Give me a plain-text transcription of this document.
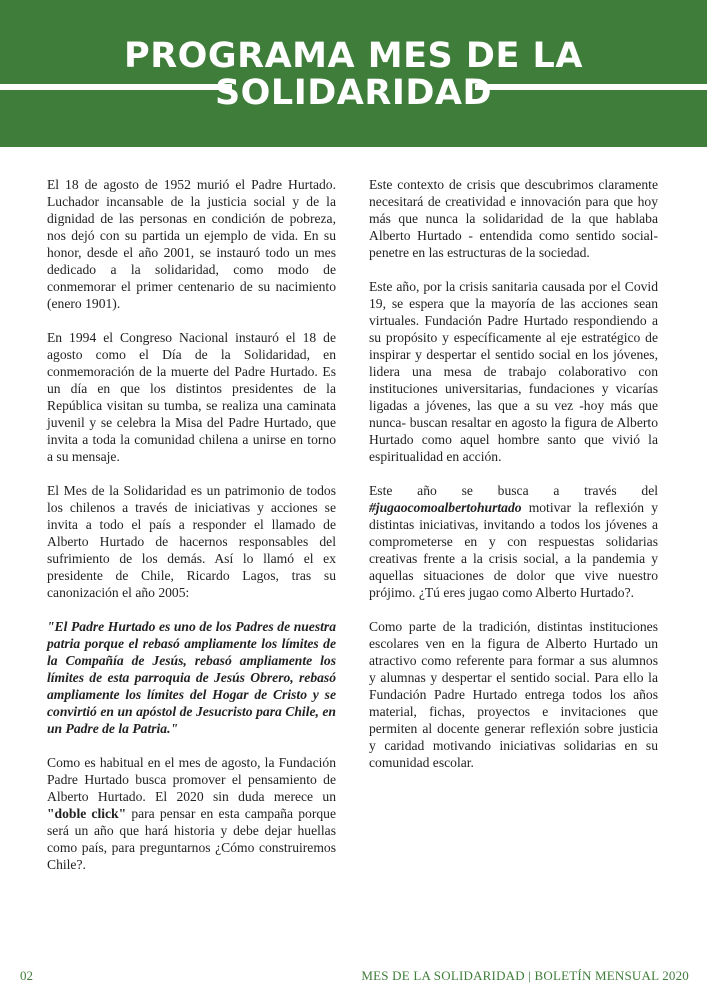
PROGRAMA MES DE LA
SOLIDARIDAD

El 18 de agosto de 1952 murió el Padre Hurtado. Luchador incansable de la justicia social y de la dignidad de las personas en condición de pobreza, nos dejó con su partida un ejemplo de vida. En su honor, desde el año 2001, se instauró todo un mes dedicado a la solidaridad, como modo de conmemorar el primer centenario de su nacimiento (enero 1901).

En 1994 el Congreso Nacional instauró el 18 de agosto como el Día de la Solidaridad, en conmemoración de la muerte del Padre Hurtado. Es un día en que los distintos presidentes de la República visitan su tumba, se realiza una caminata juvenil y se celebra la Misa del Padre Hurtado, que invita a toda la comunidad chilena a unirse en torno a su mensaje.

El Mes de la Solidaridad es un patrimonio de todos los chilenos a través de iniciativas y acciones se invita a todo el país a responder el llamado de Alberto Hurtado de hacernos responsables del sufrimiento de los demás. Así lo llamó el ex presidente de Chile, Ricardo Lagos, tras su canonización el año 2005:

"El Padre Hurtado es uno de los Padres de nuestra patria porque el rebasó ampliamente los límites de la Compañía de Jesús, rebasó ampliamente los límites de esta parroquia de Jesús Obrero, rebasó ampliamente los límites del Hogar de Cristo y se convirtió en un apóstol de Jesucristo para Chile, en un Padre de la Patria."

Como es habitual en el mes de agosto, la Fundación Padre Hurtado busca promover el pensamiento de Alberto Hurtado. El 2020 sin duda merece un "doble click" para pensar en esta campaña porque será un año que hará historia y debe dejar huellas como país, para preguntarnos ¿Cómo construiremos Chile?.

Este contexto de crisis que descubrimos claramente necesitará de creatividad e innovación para que hoy más que nunca la solidaridad de la que hablaba Alberto Hurtado - entendida como sentido social- penetre en las estructuras de la sociedad.

Este año, por la crisis sanitaria causada por el Covid 19, se espera que la mayoría de las acciones sean virtuales. Fundación Padre Hurtado respondiendo a su propósito y específicamente al eje estratégico de inspirar y despertar el sentido social en los jóvenes, lidera una mesa de trabajo colaborativo con instituciones universitarias, fundaciones y vicarías ligadas a jóvenes, las que a su vez -hoy más que nunca- buscan resaltar en agosto la figura de Alberto Hurtado como aquel hombre santo que vivió la espiritualidad en acción.

Este año se busca a través del #jugaocomoalbertohurtado motivar la reflexión y distintas iniciativas, invitando a todos los jóvenes a comprometerse en y con respuestas solidarias creativas frente a la crisis social, a la pandemia y aquellas situaciones de dolor que vive nuestro prójimo. ¿Tú eres jugao como Alberto Hurtado?.

Como parte de la tradición, distintas instituciones escolares ven en la figura de Alberto Hurtado un atractivo como referente para formar a sus alumnos y alumnas y despertar el sentido social. Para ello la Fundación Padre Hurtado entrega todos los años material, fichas, proyectos e invitaciones que permiten al docente generar reflexión sobre justicia y caridad motivando iniciativas solidarias en su comunidad escolar.

02	MES DE LA SOLIDARIDAD | BOLETÍN MENSUAL 2020
